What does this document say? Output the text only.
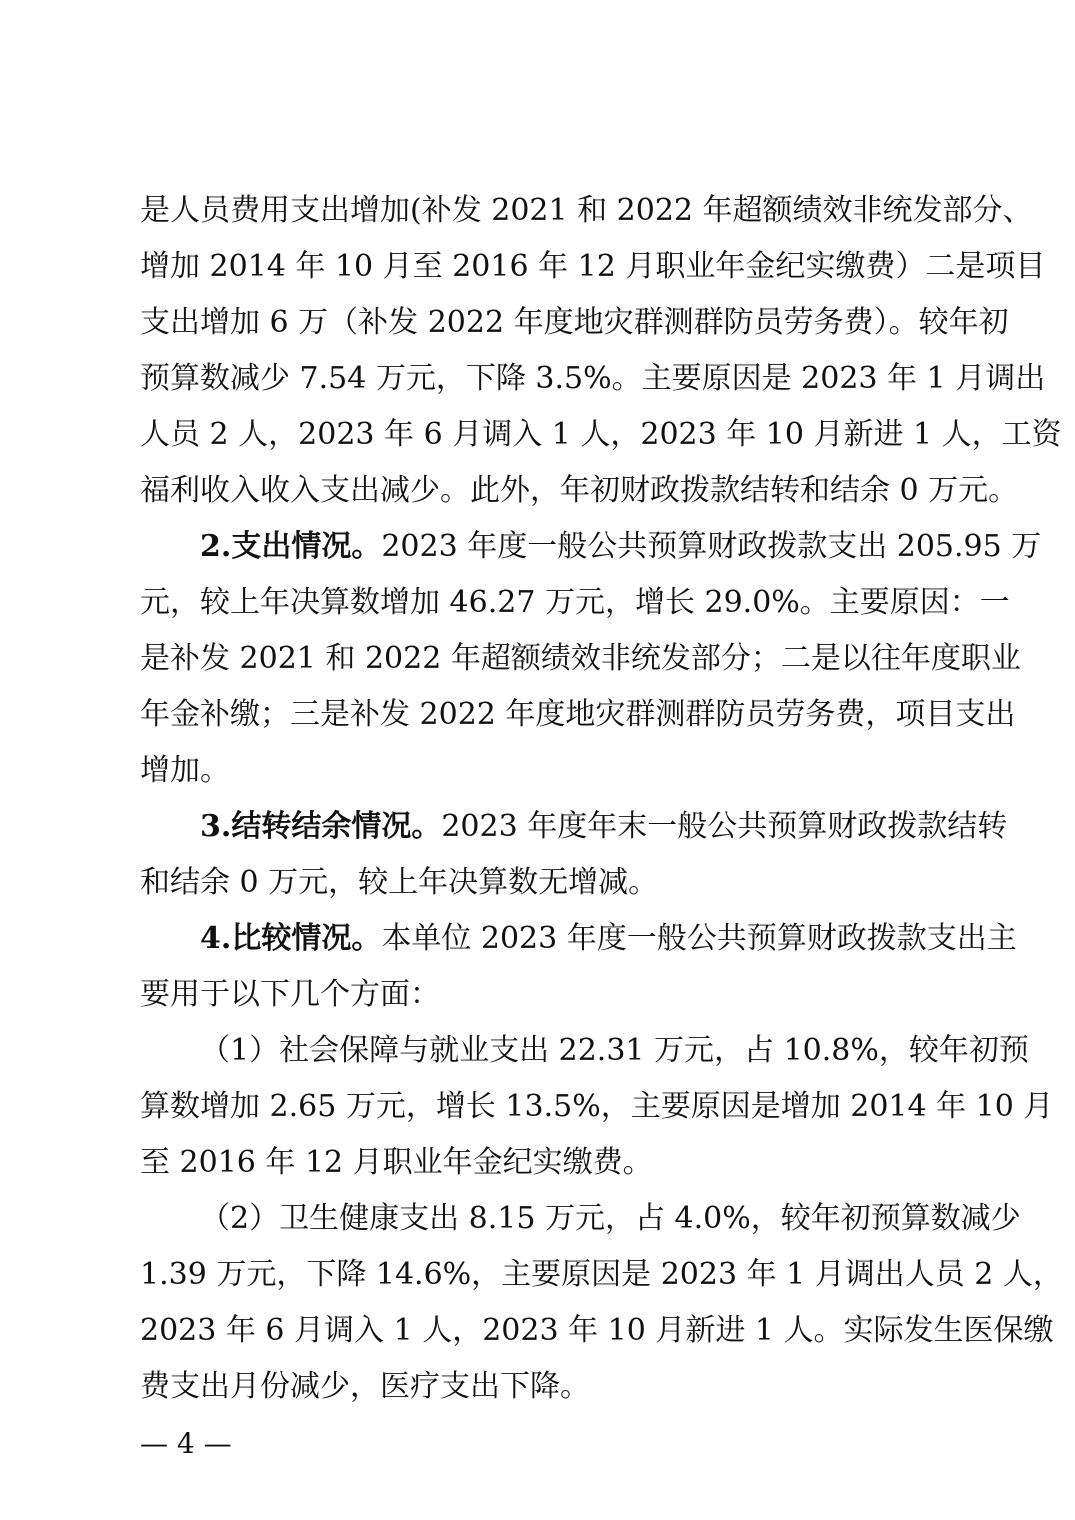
是人员费用支出增加(补发 2021 和 2022 年超额绩效非统发部分、
增加 2014 年 10 月至 2016 年 12 月职业年金纪实缴费）二是项目
支出增加 6 万（补发 2022 年度地灾群测群防员劳务费）。较年初
预算数减少 7.54 万元，下降 3.5%。主要原因是 2023 年 1 月调出
人员 2 人，2023 年 6 月调入 1 人，2023 年 10 月新进 1 人，工资
福利收入收入支出减少。此外，年初财政拨款结转和结余 0 万元。
2.支出情况。2023 年度一般公共预算财政拨款支出 205.95 万
元，较上年决算数增加 46.27 万元，增长 29.0%。主要原因：一
是补发 2021 和 2022 年超额绩效非统发部分；二是以往年度职业
年金补缴；三是补发 2022 年度地灾群测群防员劳务费，项目支出
增加。
3.结转结余情况。2023 年度年末一般公共预算财政拨款结转
和结余 0 万元，较上年决算数无增减。
4.比较情况。本单位 2023 年度一般公共预算财政拨款支出主
要用于以下几个方面：
（1）社会保障与就业支出 22.31 万元，占 10.8%，较年初预
算数增加 2.65 万元，增长 13.5%，主要原因是增加 2014 年 10 月
至 2016 年 12 月职业年金纪实缴费。
（2）卫生健康支出 8.15 万元，占 4.0%，较年初预算数减少
1.39 万元，下降 14.6%，主要原因是 2023 年 1 月调出人员 2 人，
2023 年 6 月调入 1 人，2023 年 10 月新进 1 人。实际发生医保缴
费支出月份减少，医疗支出下降。
— 4 —
